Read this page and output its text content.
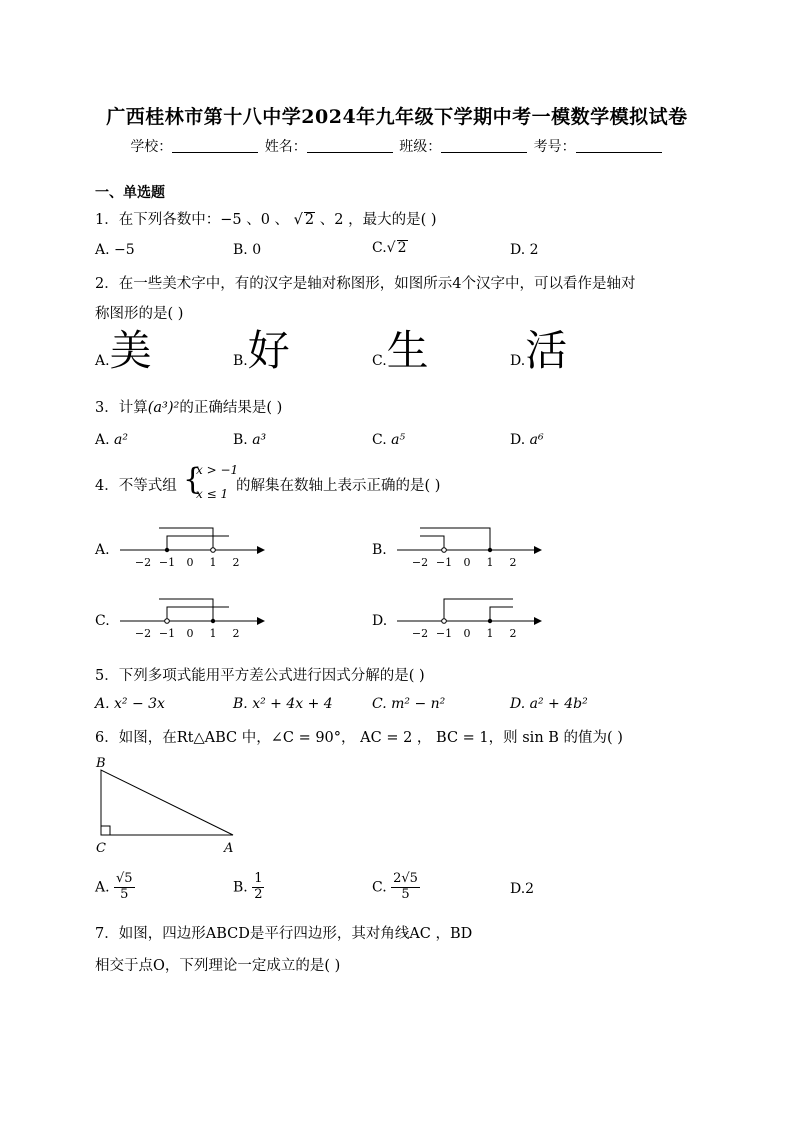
广西桂林市第十八中学2024年九年级下学期中考一模数学模拟试卷
学校：	姓名：	班级：	考号：
一、单选题
1．在下列各数中：−5 、0 、 √ 2 、2 ，最大的是( )
A. −5	B. 0	C.√ 2	D. 2
2．在一些美术字中，有的汉字是轴对称图形，如图所示4个汉字中，可以看作是轴对
称图形的是( )
A.美	B.好	C.生	D.活
3．计算(a³)²的正确结果是( )
A. a²	B. a³	C. a⁵	D. a⁶
4．不等式组 {
x > −1
x ≤ 1 的解集在数轴上表示正确的是( )
A.	B.
C.	D.
−2 −1 0 1 2	−2 −1 0 1 2
−2 −1 0 1 2	−2 −1 0 1 2
5．下列多项式能用平方差公式进行因式分解的是( )
A. x² − 3x	B. x² + 4x + 4	C. m² − n²	D. a² + 4b²
6．如图，在Rt△ABC 中，∠C = 90°， AC = 2 ， BC = 1，则 sin B 的值为( )
B
C	A
A. $\frac{√5}{5}$	B. $\frac{1}{2}$	C. $\frac{2√5}{5}$	D.2
7．如图，四边形ABCD是平行四边形，其对角线AC ，BD
相交于点O，下列理论一定成立的是( )
